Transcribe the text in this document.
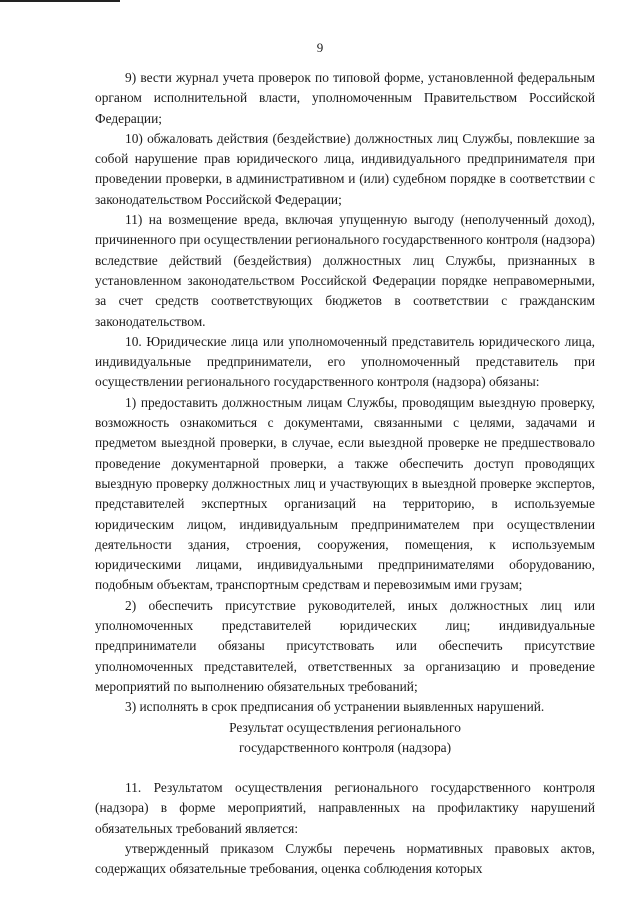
9

9) вести журнал учета проверок по типовой форме, установленной федеральным органом исполнительной власти, уполномоченным Правительством Российской Федерации;

10) обжаловать действия (бездействие) должностных лиц Службы, повлекшие за собой нарушение прав юридического лица, индивидуального предпринимателя при проведении проверки, в административном и (или) судебном порядке в соответствии с законодательством Российской Федерации;

11) на возмещение вреда, включая упущенную выгоду (неполученный доход), причиненного при осуществлении регионального государственного контроля (надзора) вследствие действий (бездействия) должностных лиц Службы, признанных в установленном законодательством Российской Федерации порядке неправомерными, за счет средств соответствующих бюджетов в соответствии с гражданским законодательством.

10. Юридические лица или уполномоченный представитель юридического лица, индивидуальные предприниматели, его уполномоченный представитель при осуществлении регионального государственного контроля (надзора) обязаны:

1) предоставить должностным лицам Службы, проводящим выездную проверку, возможность ознакомиться с документами, связанными с целями, задачами и предметом выездной проверки, в случае, если выездной проверке не предшествовало проведение документарной проверки, а также обеспечить доступ проводящих выездную проверку должностных лиц и участвующих в выездной проверке экспертов, представителей экспертных организаций на территорию, в используемые юридическим лицом, индивидуальным предпринимателем при осуществлении деятельности здания, строения, сооружения, помещения, к используемым юридическими лицами, индивидуальными предпринимателями оборудованию, подобным объектам, транспортным средствам и перевозимым ими грузам;

2) обеспечить присутствие руководителей, иных должностных лиц или уполномоченных представителей юридических лиц; индивидуальные предприниматели обязаны присутствовать или обеспечить присутствие уполномоченных представителей, ответственных за организацию и проведение мероприятий по выполнению обязательных требований;

3) исполнять в срок предписания об устранении выявленных нарушений.

Результат осуществления регионального

государственного контроля (надзора)

11. Результатом осуществления регионального государственного контроля (надзора) в форме мероприятий, направленных на профилактику нарушений обязательных требований является:

утвержденный приказом Службы перечень нормативных правовых актов, содержащих обязательные требования, оценка соблюдения которых
